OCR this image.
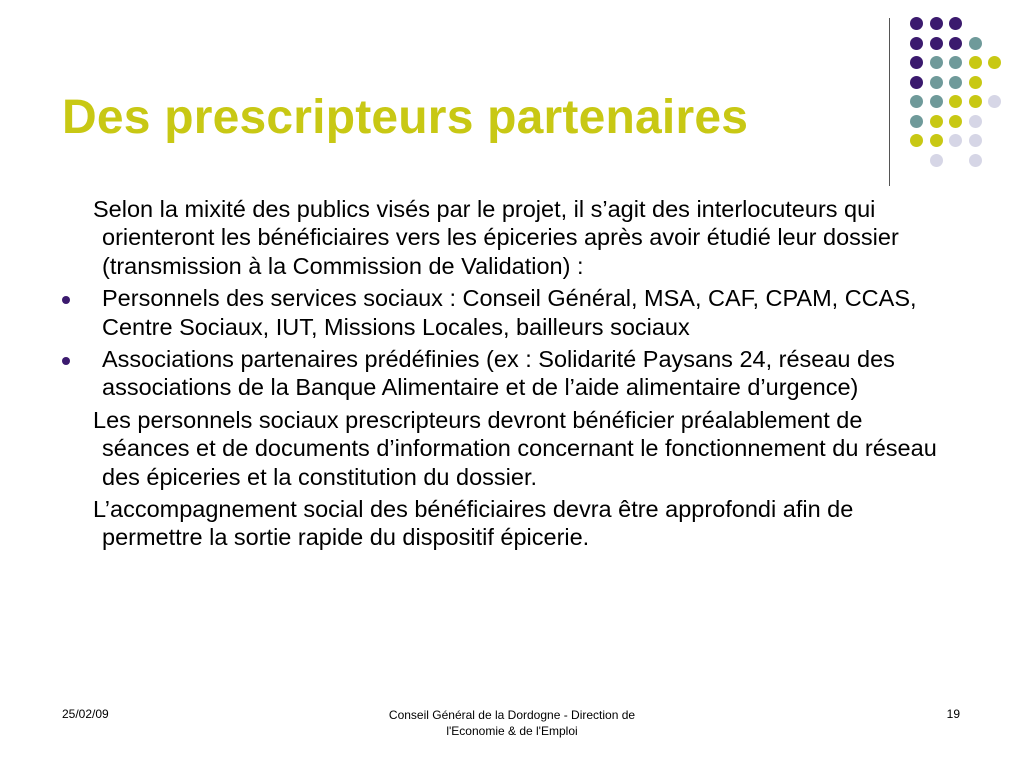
Des prescripteurs partenaires
Selon la mixité des publics visés par le projet, il s’agit des interlocuteurs qui orienteront les bénéficiaires vers les épiceries après avoir étudié leur dossier (transmission à la Commission de Validation) :
Personnels des services sociaux : Conseil Général, MSA, CAF, CPAM, CCAS, Centre Sociaux, IUT, Missions Locales, bailleurs sociaux
Associations partenaires prédéfinies (ex : Solidarité Paysans 24, réseau des associations de la Banque Alimentaire et de l’aide alimentaire d’urgence)
Les personnels sociaux prescripteurs devront bénéficier préalablement de séances et de documents d’information concernant le fonctionnement du réseau des épiceries et la constitution du dossier.
L’accompagnement social des bénéficiaires devra être approfondi afin de permettre la sortie rapide du dispositif épicerie.
25/02/09	Conseil Général de la Dordogne - Direction de
l'Economie & de l'Emploi
19
